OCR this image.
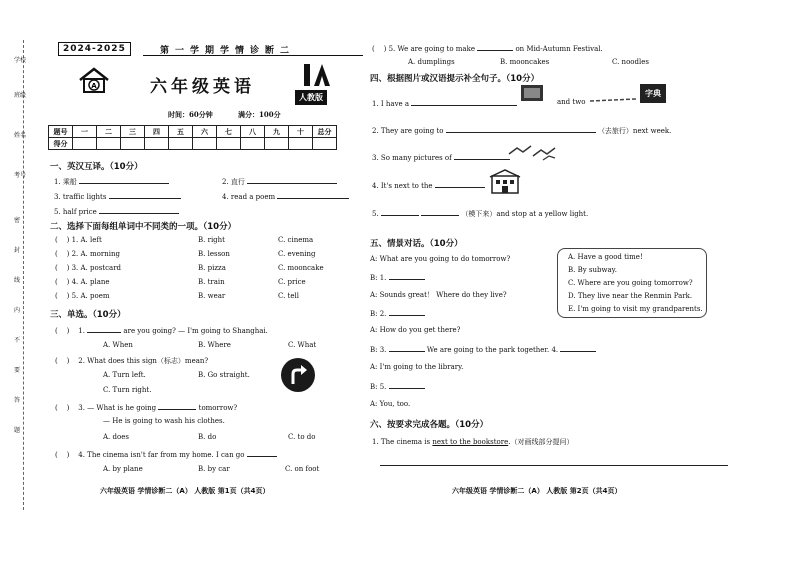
学校
班级
姓名
考号
密
封
线
内
不
要
答
题
2024-2025	第一学期学情诊断二
A	六年级英语
人教版
时间：60分钟	满分：100分
题号	一	二	三	四	五	六	七	八	九	十	总分
得分											
一、英汉互译。（10分）
1. 乘船	2. 直行
3. traffic lights	4. read a poem
5. half price
二、选择下面每组单词中不同类的一项。（10分）
(    ) 1. A. left	B. right	C. cinema
(    ) 2. A. morning	B. lesson	C. evening
(    ) 3. A. postcard	B. pizza	C. mooncake
(    ) 4. A. plane	B. train	C. price
(    ) 5. A. poem	B. wear	C. tell
三、单选。（10分）
(    )    1.	are you going? — I'm going to Shanghai.
A. When	B. Where	C. What
(    )    2. What does this sign（标志）mean?
A. Turn left.	B. Go straight.
C. Turn right.
(    )    3. — What is he going	tomorrow?
— He is going to wash his clothes.
A. does	B. do	C. to do
(    )    4. The cinema isn't far from my home. I can go
A. by plane	B. by car	C. on foot
六年级英语 学情诊断二（A） 人教版 第1页（共4页）
(    ) 5. We are going to make	on Mid-Autumn Festival.
A. dumplings	B. mooncakes	C. noodles
四、根据图片或汉语提示补全句子。（10分）
1. I have a	and two
字典
2. They are going to	（去旅行）next week.
3. So many pictures of
4. It's next to the
5.	（模下来）and stop at a yellow light.
五、情景对话。（10分）
A: What are you going to do tomorrow?
B: 1.
A: Sounds great！ Where do they live?
B: 2.
A: How do you get there?
B: 3.	We are going to the park together. 4.
A: I'm going to the library.
B: 5.
A: You, too.
A. Have a good time!
B. By subway.
C. Where are you going tomorrow?
D. They live near the Renmin Park.
E. I'm going to visit my grandparents.
六、按要求完成各题。（10分）
1. The cinema is next to the bookstore.（对画线部分提问）
六年级英语 学情诊断二（A） 人教版 第2页（共4页）
